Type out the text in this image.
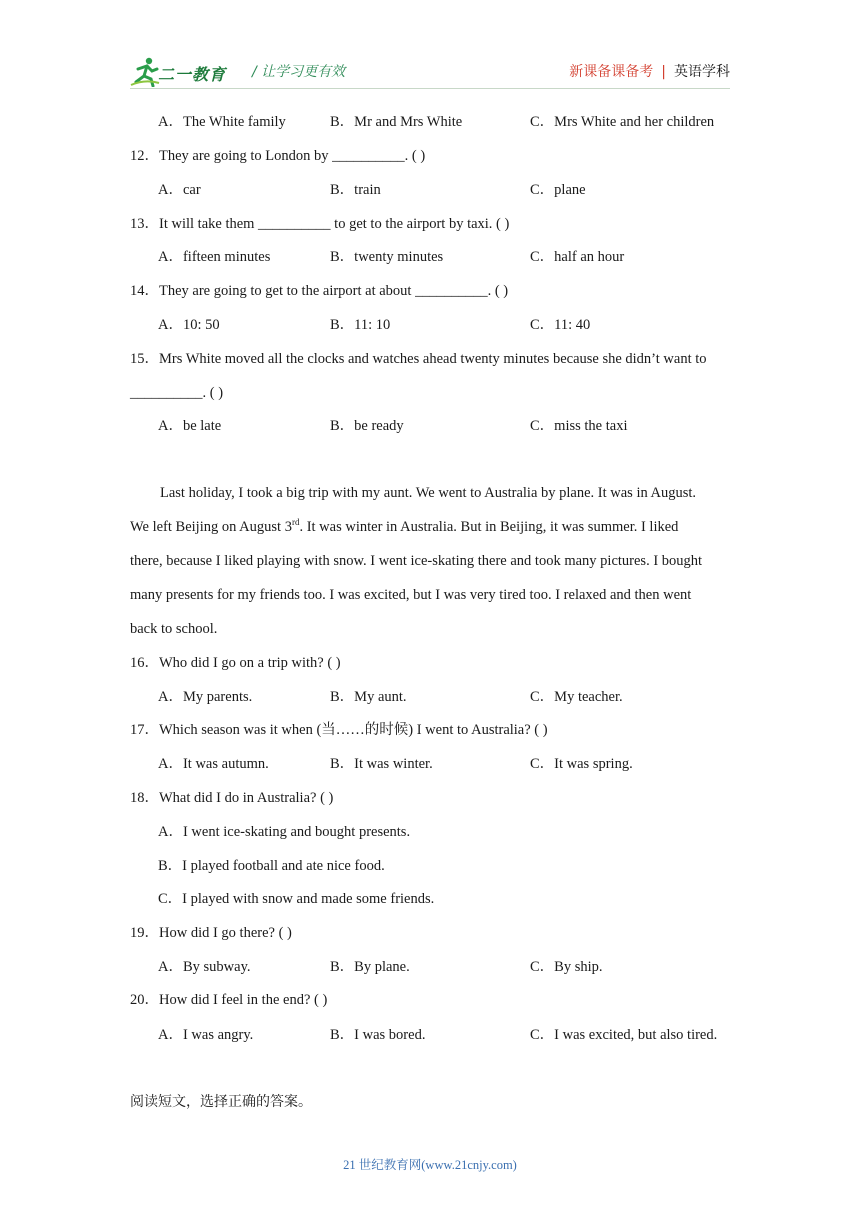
二一教育 / 让学习更有效	新课备课备考 | 英语学科
A．The White family	B．Mr and Mrs White	C．Mrs White and her children
12．They are going to London by __________. ( )
A．car	B．train	C．plane
13．It will take them __________ to get to the airport by taxi. ( )
A．fifteen minutes	B．twenty minutes	C．half an hour
14．They are going to get to the airport at about __________. ( )
A．10: 50	B．11: 10	C．11: 40
15．Mrs White moved all the clocks and watches ahead twenty minutes because she didn’t want to
__________. ( )
A．be late	B．be ready	C．miss the taxi
Last holiday, I took a big trip with my aunt. We went to Australia by plane. It was in August.
We left Beijing on August 3rd. It was winter in Australia. But in Beijing, it was summer. I liked
there, because I liked playing with snow. I went ice-skating there and took many pictures. I bought
many presents for my friends too. I was excited, but I was very tired too. I relaxed and then went
back to school.
16．Who did I go on a trip with? ( )
A．My parents.	B．My aunt.	C．My teacher.
17．Which season was it when (当……的时候) I went to Australia? ( )
A．It was autumn.	B．It was winter.	C．It was spring.
18．What did I do in Australia? ( )
A．I went ice-skating and bought presents.
B．I played football and ate nice food.
C．I played with snow and made some friends.
19．How did I go there? ( )
A．By subway.	B．By plane.	C．By ship.
20．How did I feel in the end? ( )
A．I was angry.	B．I was bored.	C．I was excited, but also tired.
阅读短文，选择正确的答案。
21 世纪教育网(www.21cnjy.com)
